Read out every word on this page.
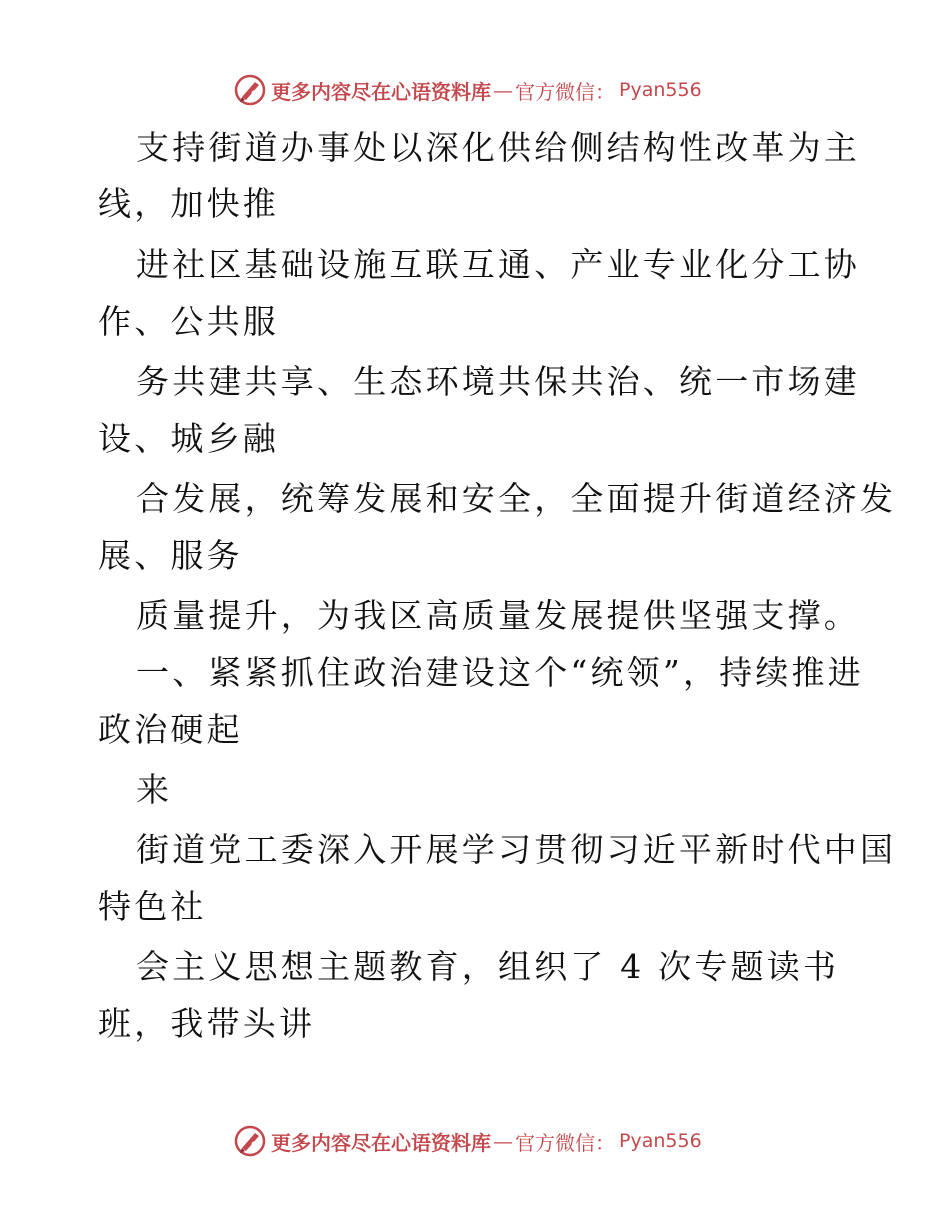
更多内容尽在心语资料库 — 官方微信： Pyan556

支持街道办事处以深化供给侧结构性改革为主

线，加快推

进社区基础设施互联互通、产业专业化分工协

作、公共服

务共建共享、生态环境共保共治、统一市场建

设、城乡融

合发展，统筹发展和安全，全面提升街道经济发

展、服务

质量提升，为我区高质量发展提供坚强支撑。

一、紧紧抓住政治建设这个“统领”，持续推进

政治硬起

来

街道党工委深入开展学习贯彻习近平新时代中国

特色社

会主义思想主题教育，组织了 4 次专题读书

班，我带头讲

更多内容尽在心语资料库 — 官方微信： Pyan556
